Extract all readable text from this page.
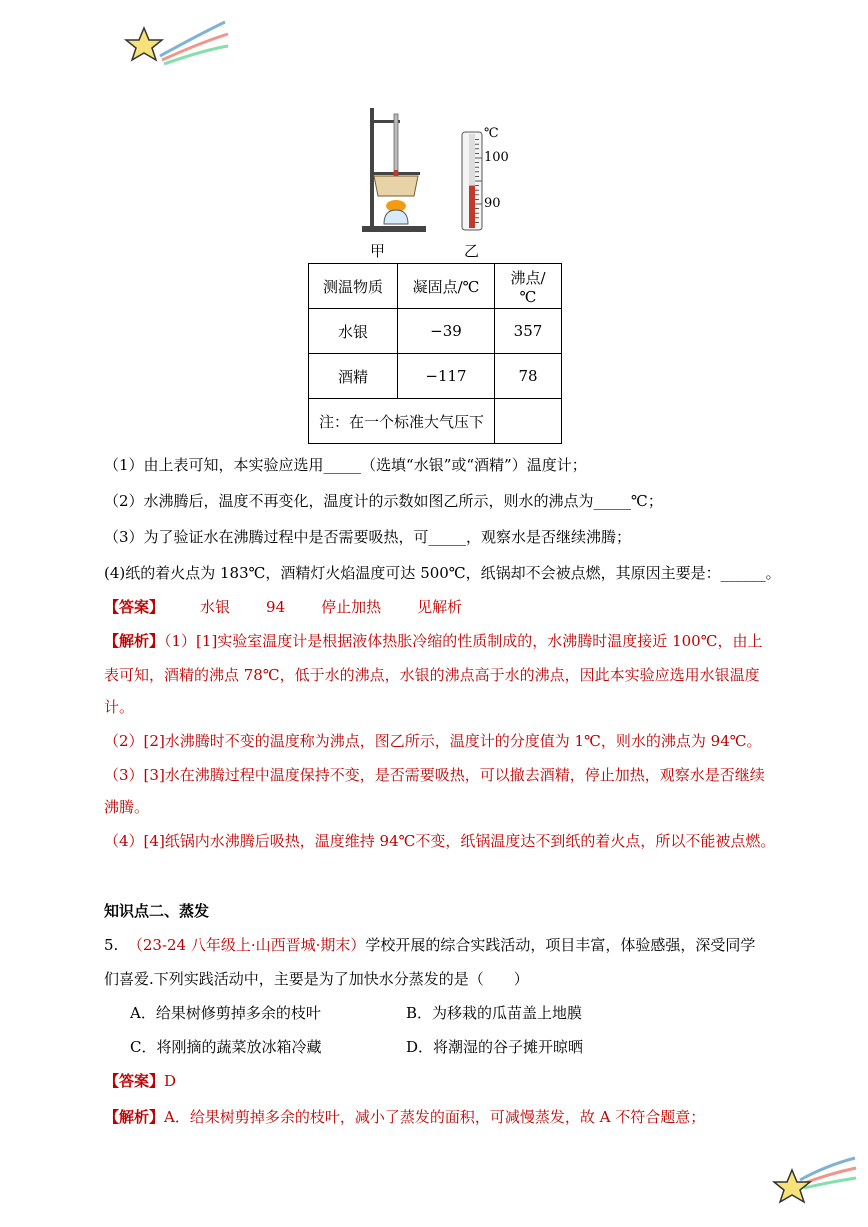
甲
℃
100
90
乙
测温物质	凝固点/℃	沸点/℃
水银	−39	357
酒精	−117	78
注：在一个标准大气压下		
（1）由上表可知，本实验应选用_____（选填“水银”或“酒精”）温度计；
（2）水沸腾后，温度不再变化，温度计的示数如图乙所示，则水的沸点为_____℃；
（3）为了验证水在沸腾过程中是否需要吸热，可_____，观察水是否继续沸腾；
(4)纸的着火点为 183℃，酒精灯火焰温度可达 500℃，纸锅却不会被点燃，其原因主要是：______。
【答案】 水银 94 停止加热 见解析
【解析】（1）[1]实验室温度计是根据液体热胀冷缩的性质制成的，水沸腾时温度接近 100℃，由上
表可知，酒精的沸点 78℃，低于水的沸点，水银的沸点高于水的沸点，因此本实验应选用水银温度
计。
（2）[2]水沸腾时不变的温度称为沸点，图乙所示，温度计的分度值为 1℃，则水的沸点为 94℃。
（3）[3]水在沸腾过程中温度保持不变，是否需要吸热，可以撤去酒精，停止加热，观察水是否继续
沸腾。
（4）[4]纸锅内水沸腾后吸热，温度维持 94℃不变，纸锅温度达不到纸的着火点，所以不能被点燃。
知识点二、蒸发
5. （23-24 八年级上·山西晋城·期末）学校开展的综合实践活动，项目丰富，体验感强，深受同学
们喜爱.下列实践活动中，主要是为了加快水分蒸发的是（　　）
A．给果树修剪掉多余的枝叶	B．为移栽的瓜苗盖上地膜
C．将刚摘的蔬菜放冰箱冷藏	D．将潮湿的谷子摊开晾晒
【答案】D
【解析】A．给果树剪掉多余的枝叶，减小了蒸发的面积，可减慢蒸发，故 A 不符合题意；
